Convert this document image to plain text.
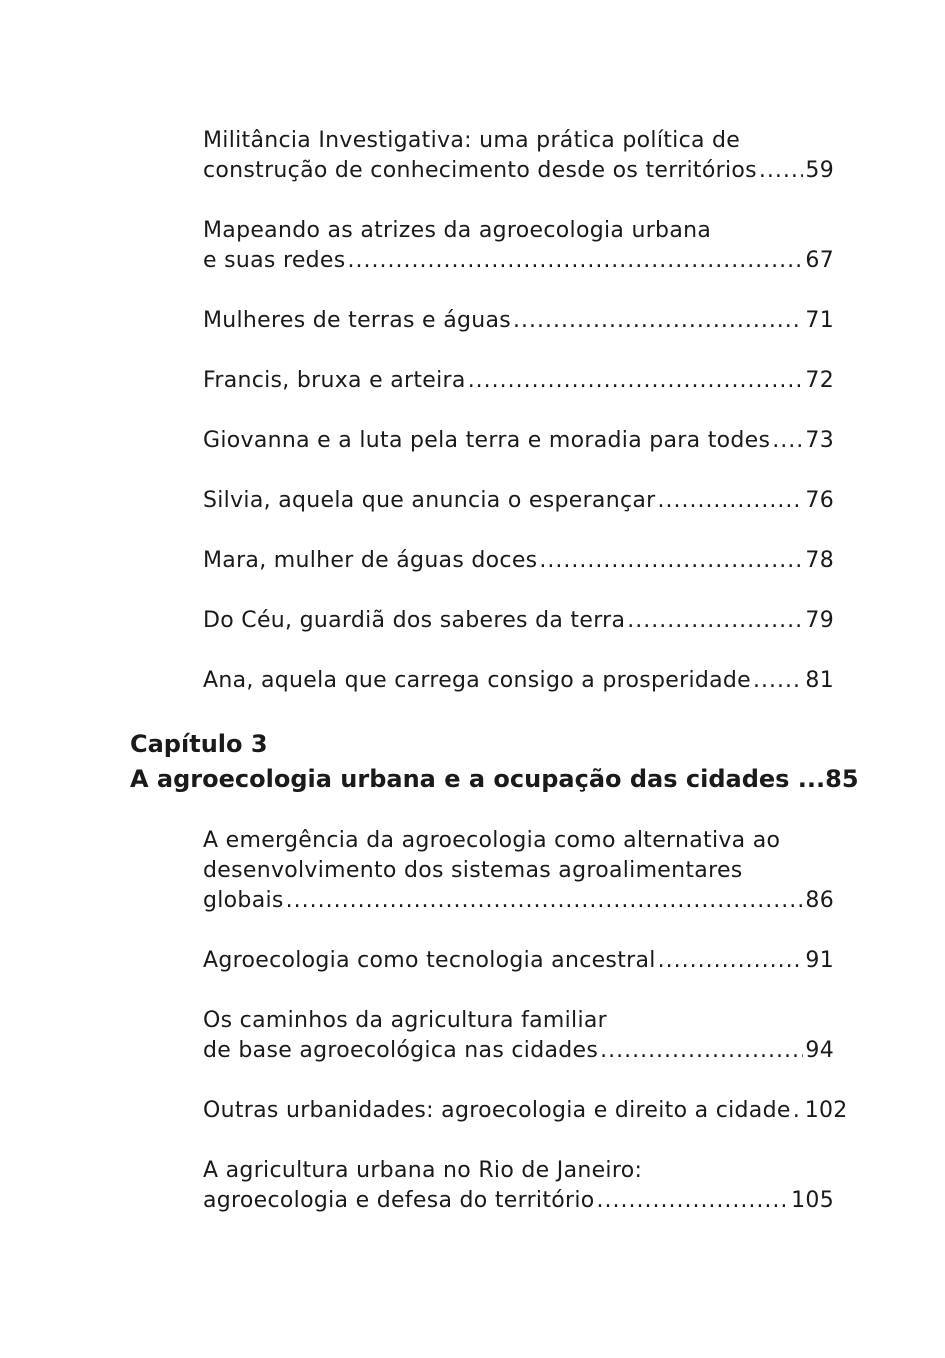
Militância Investigativa: uma prática política de
construção de conhecimento desde os territórios ..... 59
Mapeando as atrizes da agroecologia urbana
e suas redes .....	67
Mulheres de terras e águas .....	71
Francis, bruxa e arteira .....	72
Giovanna e a luta pela terra e moradia para todes ..... 73
Silvia, aquela que anuncia o esperançar .....	76
Mara, mulher de águas doces .....	78
Do Céu, guardiã dos saberes da terra .....	79
Ana, aquela que carrega consigo a prosperidade ..... 81
Capítulo 3
A agroecologia urbana e a ocupação das cidades ... 85
A emergência da agroecologia como alternativa ao
desenvolvimento dos sistemas agroalimentares
globais .....	86
Agroecologia como tecnologia ancestral .....	91
Os caminhos da agricultura familiar
de base agroecológica nas cidades .....	94
Outras urbanidades: agroecologia e direito a cidade ..... 102
A agricultura urbana no Rio de Janeiro:
agroecologia e defesa do território .....	105
